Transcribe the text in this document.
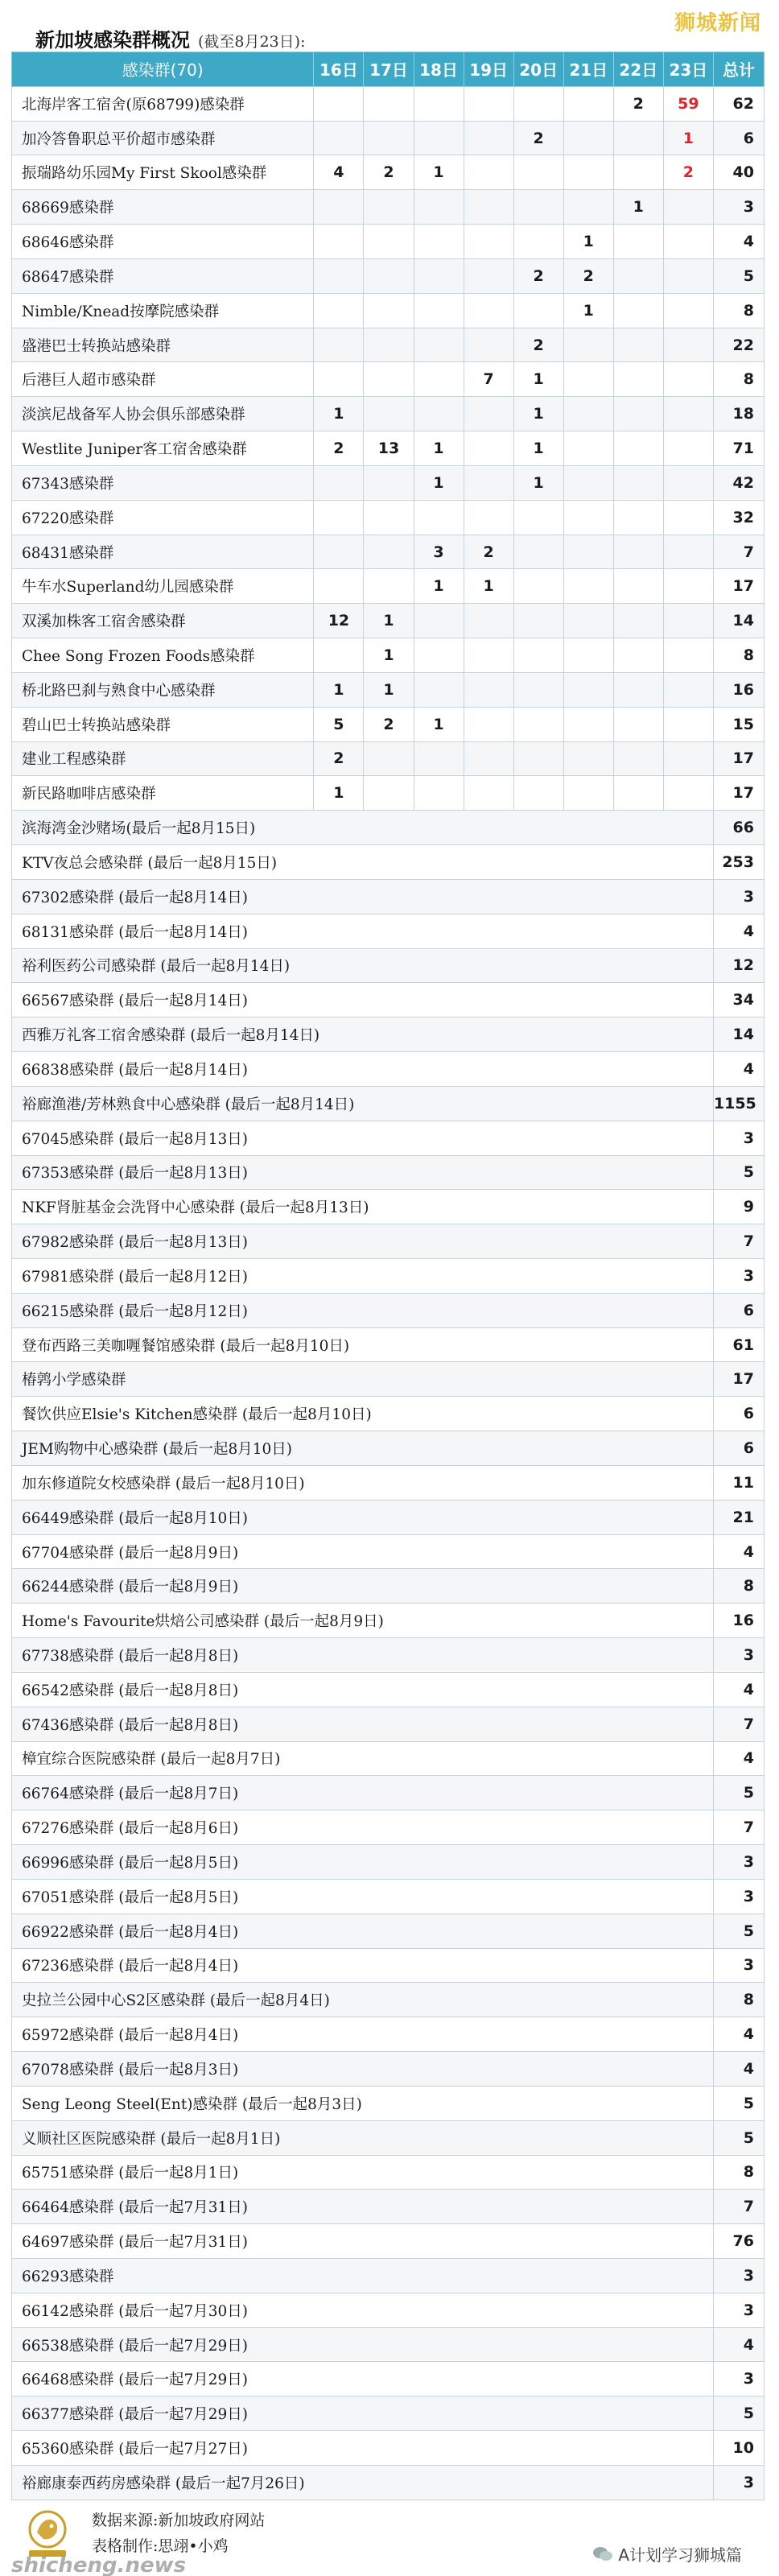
新加坡感染群概况 (截至8月23日):
狮城新闻
感染群(70)	16日	17日	18日	19日	20日	21日	22日	23日	总计
北海岸客工宿舍(原68799)感染群							2	59	62
加冷答鲁职总平价超市感染群					2			1	6
振瑞路幼乐园My First Skool感染群	4	2	1					2	40
68669感染群							1		3
68646感染群						1			4
68647感染群					2	2			5
Nimble/Knead按摩院感染群						1			8
盛港巴士转换站感染群					2				22
后港巨人超市感染群				7	1				8
淡滨尼战备军人协会俱乐部感染群	1				1				18
Westlite Juniper客工宿舍感染群	2	13	1		1				71
67343感染群			1		1				42
67220感染群									32
68431感染群			3	2					7
牛车水Superland幼儿园感染群			1	1					17
双溪加株客工宿舍感染群	12	1							14
Chee Song Frozen Foods感染群		1							8
桥北路巴刹与熟食中心感染群	1	1							16
碧山巴士转换站感染群	5	2	1						15
建业工程感染群	2								17
新民路咖啡店感染群	1								17
滨海湾金沙赌场(最后一起8月15日)									66
KTV夜总会感染群 (最后一起8月15日)									253
67302感染群 (最后一起8月14日)									3
68131感染群 (最后一起8月14日)									4
裕利医药公司感染群 (最后一起8月14日)									12
66567感染群 (最后一起8月14日)									34
西雅万礼客工宿舍感染群 (最后一起8月14日)									14
66838感染群 (最后一起8月14日)									4
裕廊渔港/芳林熟食中心感染群 (最后一起8月14日)									1155
67045感染群 (最后一起8月13日)									3
67353感染群 (最后一起8月13日)									5
NKF肾脏基金会洗肾中心感染群 (最后一起8月13日)									9
67982感染群 (最后一起8月13日)									7
67981感染群 (最后一起8月12日)									3
66215感染群 (最后一起8月12日)									6
登布西路三美咖喱餐馆感染群 (最后一起8月10日)									61
椿鹑小学感染群									17
餐饮供应Elsie's Kitchen感染群 (最后一起8月10日)									6
JEM购物中心感染群 (最后一起8月10日)									6
加东修道院女校感染群 (最后一起8月10日)									11
66449感染群 (最后一起8月10日)									21
67704感染群 (最后一起8月9日)									4
66244感染群 (最后一起8月9日)									8
Home's Favourite烘焙公司感染群 (最后一起8月9日)									16
67738感染群 (最后一起8月8日)									3
66542感染群 (最后一起8月8日)									4
67436感染群 (最后一起8月8日)									7
樟宜综合医院感染群 (最后一起8月7日)									4
66764感染群 (最后一起8月7日)									5
67276感染群 (最后一起8月6日)									7
66996感染群 (最后一起8月5日)									3
67051感染群 (最后一起8月5日)									3
66922感染群 (最后一起8月4日)									5
67236感染群 (最后一起8月4日)									3
史拉兰公园中心S2区感染群 (最后一起8月4日)									8
65972感染群 (最后一起8月4日)									4
67078感染群 (最后一起8月3日)									4
Seng Leong Steel(Ent)感染群 (最后一起8月3日)									5
义顺社区医院感染群 (最后一起8月1日)									5
65751感染群 (最后一起8月1日)									8
66464感染群 (最后一起7月31日)									7
64697感染群 (最后一起7月31日)									76
66293感染群									3
66142感染群 (最后一起7月30日)									3
66538感染群 (最后一起7月29日)									4
66468感染群 (最后一起7月29日)									3
66377感染群 (最后一起7月29日)									5
65360感染群 (最后一起7月27日)									10
裕廊康泰西药房感染群 (最后一起7月26日)									3
数据来源:新加坡政府网站
表格制作:思翊•小鸡
shicheng.news	A计划学习狮城篇
